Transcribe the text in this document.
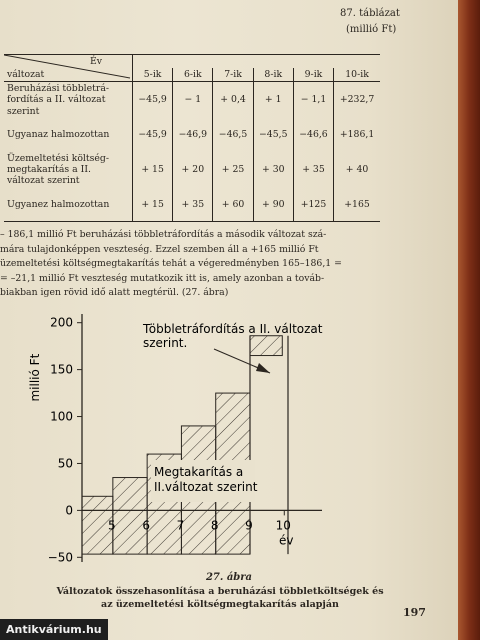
87. táblázat
(millió Ft)
Év						
változat	5-ik	6-ik	7-ik	8-ik	9-ik	10-ik
Beruházási többletrá-fordítás a II. változat szerint	−45,9	− 1	+ 0,4	+ 1	− 1,1	+232,7
Ugyanaz halmozottan	−45,9	−46,9	−46,5	−45,5	−46,6	+186,1
Üzemeltetési költség-megtakarítás a II. változat szerint	+ 15	+ 20	+ 25	+ 30	+ 35	+ 40
Ugyanez halmozottan	+ 15	+ 35	+ 60	+ 90	+125	+165

– 186,1 millió Ft beruházási többletráfordítás a második változat szá-

mára tulajdonképpen veszteség. Ezzel szemben áll a +165 millió Ft

üzemeltetési költségmegtakarítás tehát a végeredményben 165–186,1 =

= –21,1 millió Ft veszteség mutatkozik itt is, amely azonban a továb-

biakban igen rövid idő alatt megtérül. (27. ábra)

−50
0
50
100
150
200
5 6 7 8 9 10
millió Ft
év
Többletráfordítás a II. változat
szerint.
Megtakarítás a
II.változat szerint
27. ábra
Változatok összehasonlítása a beruházási többletköltségek és
az üzemeltetési költségmegtakarítás alapján
197
Antikvárium.hu
